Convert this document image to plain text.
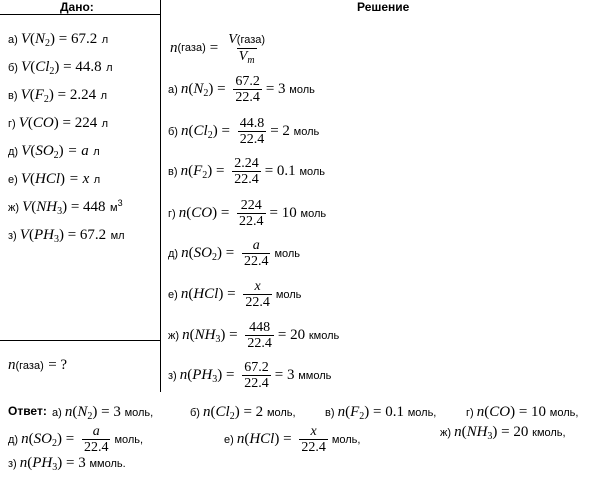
Дано:	Решение
а) $V(N_2) = 67.2$ л
б) $V(Cl_2) = 44.8$ л
в) $V(F_2) = 2.24$ л
г) V(CO) = 224 л
д) $V(SO_2) = a$ л
е) V(HCl) = x л
ж) $V(NH_3) = 448$ $м^3$
з) $V(PH_3) = 67.2$ мл
n(газа) = ?
n (газа) = $\frac{\text{V(газа)}}{V_m}$
а) $n(N_2) = \frac{67.2}{22.4} = 3$ моль
б) $n(Cl_2) = \frac{44.8}{22.4} = 2$ моль
в) $n(F_2) = \frac{2.24}{22.4} = 0.1$ моль
г) $n(CO) = \frac{224}{22.4} = 10$ моль
д) $n(SO_2) = \frac{a}{22.4}$ моль
е) $n(HCl) = \frac{x}{22.4}$ моль
ж) $n(NH_3) = \frac{448}{22.4} = 20$ кмоль
з) $n(PH_3) = \frac{67.2}{22.4} = 3$ ммоль
Ответ: а) $n(N_2) = 3$ моль,	б) $n(Cl_2) = 2$ моль,	в) $n(F_2) = 0.1$ моль,	г) n(CO) = 10 моль,
д) $n(SO_2) = \frac{a}{22.4}$ моль,	е) $n(HCl) = \frac{x}{22.4}$ моль,
ж) $n(NH_3) = 20$ кмоль,
з) $n(PH_3) = 3$ ммоль.
